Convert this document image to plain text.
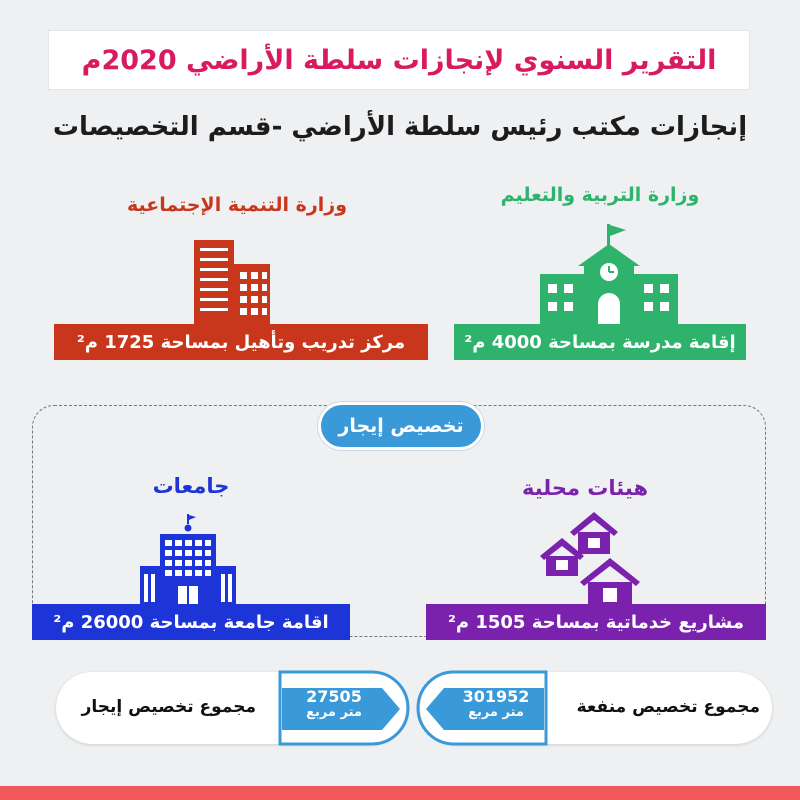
التقرير السنوي لإنجازات سلطة الأراضي 2020م
إنجازات مكتب رئيس سلطة الأراضي -قسم التخصيصات
وزارة التربية والتعليم
إقامة مدرسة بمساحة 4000 م²
وزارة التنمية الإجتماعية
مركز تدريب وتأهيل بمساحة 1725 م²
تخصيص إيجار
هيئات محلية
مشاريع خدماتية بمساحة 1505 م²
جامعات
اقامة جامعة بمساحة 26000 م²
301952
متر مربع	مجموع تخصيص منفعة
27505
متر مربع
مجموع تخصيص إيجار
